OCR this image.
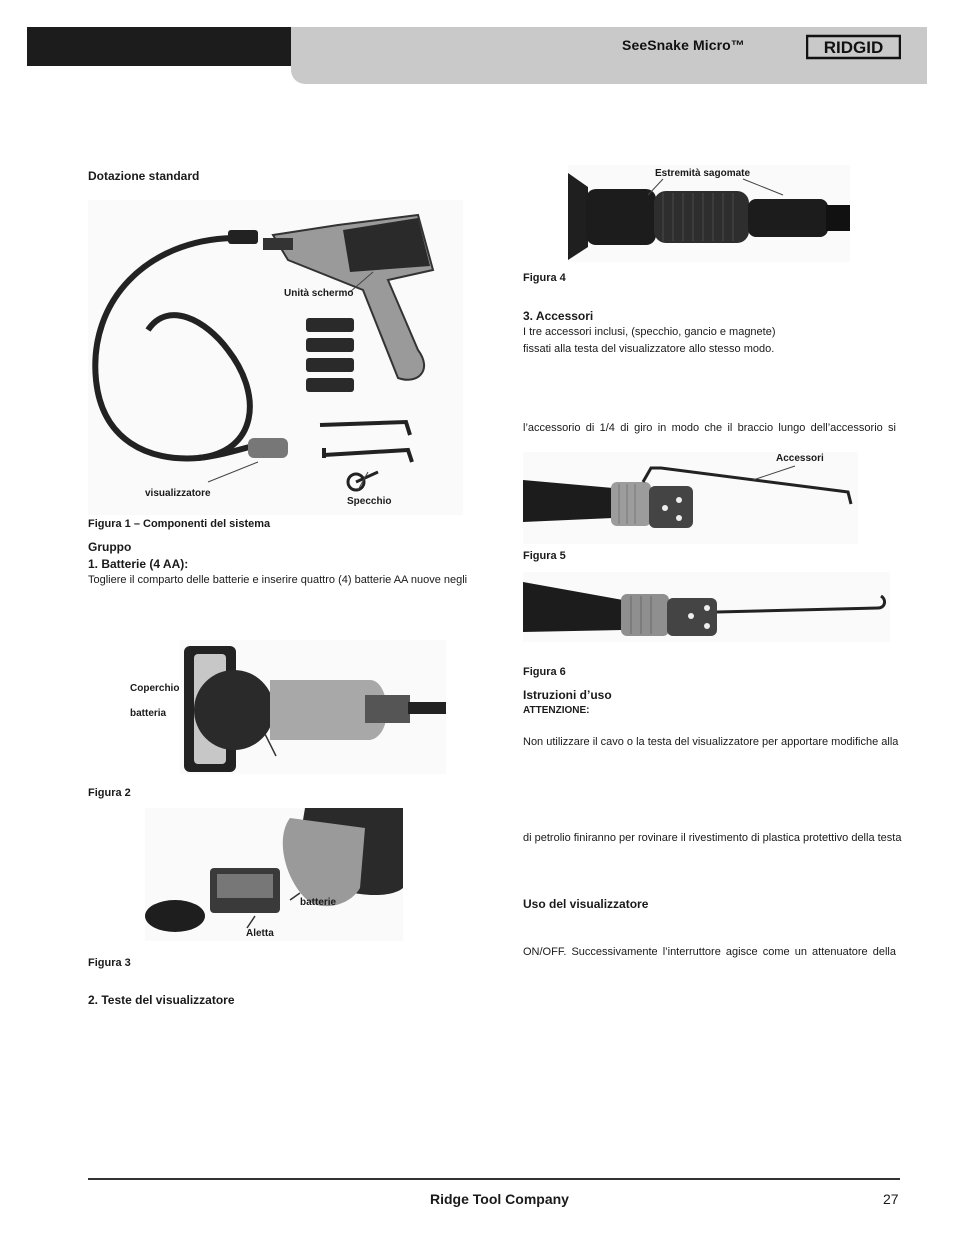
SeeSnake Micro™	RIDGID
Dotazione standard
Unità schermo
visualizzatore
Specchio
Figura 1 – Componenti del sistema
Gruppo
1. Batterie (4 AA):
Togliere il comparto delle batterie e inserire quattro (4) batterie AA nuove negli
Coperchio
batteria
Figura 2
batterie
Aletta
Figura 3
2. Teste del visualizzatore
Estremità sagomate
Figura 4
3. Accessori
I tre accessori inclusi, (specchio, gancio e magnete)
fissati alla testa del visualizzatore allo stesso modo.
l’accessorio di 1/4 di giro in modo che il braccio lungo dell’accessorio si
Accessori
Figura 5
Figura 6
Istruzioni d’uso
ATTENZIONE:
Non utilizzare il cavo o la testa del visualizzatore per apportare modifiche alla
di petrolio finiranno per rovinare il rivestimento di plastica protettivo della testa
Uso del visualizzatore
ON/OFF. Successivamente l’interruttore agisce come un attenuatore della
Ridge Tool Company	27
